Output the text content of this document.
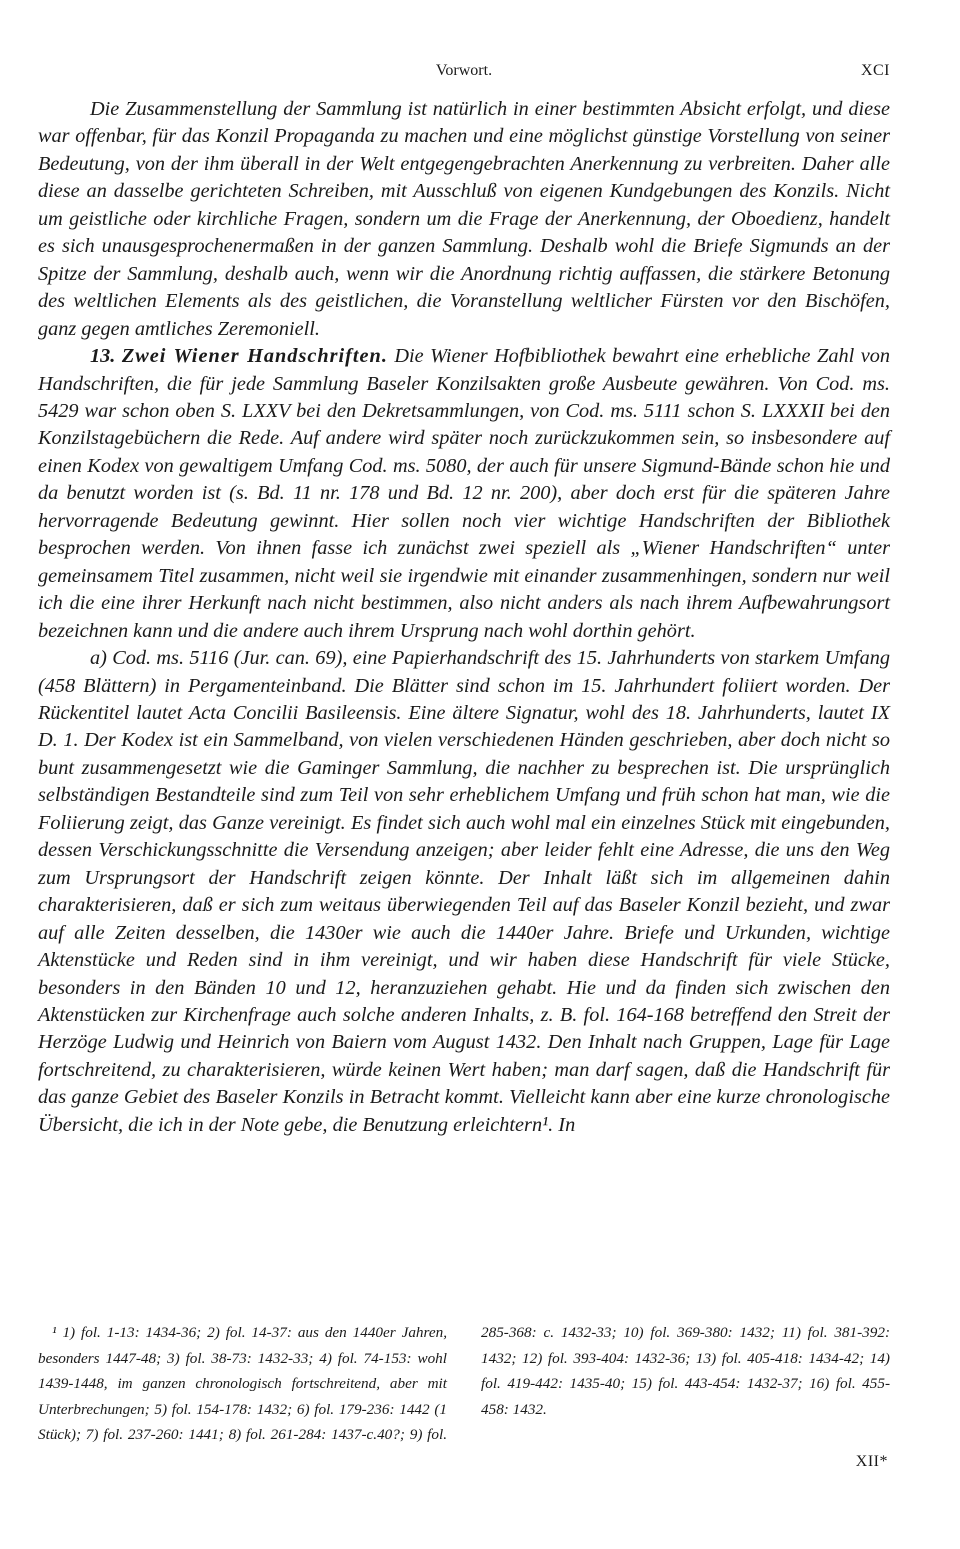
Vorwort.	XCI

Die Zusammenstellung der Sammlung ist natürlich in einer bestimmten Absicht erfolgt, und diese war offenbar, für das Konzil Propaganda zu machen und eine möglichst günstige Vorstellung von seiner Bedeutung, von der ihm überall in der Welt entgegengebrachten Anerkennung zu verbreiten. Daher alle diese an dasselbe gerichteten Schreiben, mit Ausschluß von eigenen Kundgebungen des Konzils. Nicht um geistliche oder kirchliche Fragen, sondern um die Frage der Anerkennung, der Oboedienz, handelt es sich unausgesprochenermaßen in der ganzen Sammlung. Deshalb wohl die Briefe Sigmunds an der Spitze der Sammlung, deshalb auch, wenn wir die Anordnung richtig auffassen, die stärkere Betonung des weltlichen Elements als des geistlichen, die Voranstellung weltlicher Fürsten vor den Bischöfen, ganz gegen amtliches Zeremoniell.

13. Zwei Wiener Handschriften. Die Wiener Hofbibliothek bewahrt eine erhebliche Zahl von Handschriften, die für jede Sammlung Baseler Konzilsakten große Ausbeute gewähren. Von Cod. ms. 5429 war schon oben S. LXXV bei den Dekretsammlungen, von Cod. ms. 5111 schon S. LXXXII bei den Konzilstagebüchern die Rede. Auf andere wird später noch zurückzukommen sein, so insbesondere auf einen Kodex von gewaltigem Umfang Cod. ms. 5080, der auch für unsere Sigmund-Bände schon hie und da benutzt worden ist (s. Bd. 11 nr. 178 und Bd. 12 nr. 200), aber doch erst für die späteren Jahre hervorragende Bedeutung gewinnt. Hier sollen noch vier wichtige Handschriften der Bibliothek besprochen werden. Von ihnen fasse ich zunächst zwei speziell als „Wiener Handschriften“ unter gemeinsamem Titel zusammen, nicht weil sie irgendwie mit einander zusammenhingen, sondern nur weil ich die eine ihrer Herkunft nach nicht bestimmen, also nicht anders als nach ihrem Aufbewahrungsort bezeichnen kann und die andere auch ihrem Ursprung nach wohl dorthin gehört.

a) Cod. ms. 5116 (Jur. can. 69), eine Papierhandschrift des 15. Jahrhunderts von starkem Umfang (458 Blättern) in Pergamenteinband. Die Blätter sind schon im 15. Jahrhundert foliiert worden. Der Rückentitel lautet Acta Concilii Basileensis. Eine ältere Signatur, wohl des 18. Jahrhunderts, lautet IX D. 1. Der Kodex ist ein Sammelband, von vielen verschiedenen Händen geschrieben, aber doch nicht so bunt zusammengesetzt wie die Gaminger Sammlung, die nachher zu besprechen ist. Die ursprünglich selbständigen Bestandteile sind zum Teil von sehr erheblichem Umfang und früh schon hat man, wie die Foliierung zeigt, das Ganze vereinigt. Es findet sich auch wohl mal ein einzelnes Stück mit eingebunden, dessen Verschickungsschnitte die Versendung anzeigen; aber leider fehlt eine Adresse, die uns den Weg zum Ursprungsort der Handschrift zeigen könnte. Der Inhalt läßt sich im allgemeinen dahin charakterisieren, daß er sich zum weitaus überwiegenden Teil auf das Baseler Konzil bezieht, und zwar auf alle Zeiten desselben, die 1430er wie auch die 1440er Jahre. Briefe und Urkunden, wichtige Aktenstücke und Reden sind in ihm vereinigt, und wir haben diese Handschrift für viele Stücke, besonders in den Bänden 10 und 12, heranzuziehen gehabt. Hie und da finden sich zwischen den Aktenstücken zur Kirchenfrage auch solche anderen Inhalts, z. B. fol. 164-168 betreffend den Streit der Herzöge Ludwig und Heinrich von Baiern vom August 1432. Den Inhalt nach Gruppen, Lage für Lage fortschreitend, zu charakterisieren, würde keinen Wert haben; man darf sagen, daß die Handschrift für das ganze Gebiet des Baseler Konzils in Betracht kommt. Vielleicht kann aber eine kurze chronologische Übersicht, die ich in der Note gebe, die Benutzung erleichtern¹. In

¹ 1) fol. 1-13: 1434-36; 2) fol. 14-37: aus den 1440er Jahren, besonders 1447-48; 3) fol. 38-73: 1432-33; 4) fol. 74-153: wohl 1439-1448, im ganzen chronologisch fortschreitend, aber mit Unterbrechungen; 5) fol. 154-178: 1432; 6) fol. 179-236: 1442 (1 Stück); 7) fol. 237-260: 1441; 8) fol. 261-284: 1437-c.40?; 9) fol. 285-368: c. 1432-33; 10) fol. 369-380: 1432; 11) fol. 381-392: 1432; 12) fol. 393-404: 1432-36; 13) fol. 405-418: 1434-42; 14) fol. 419-442: 1435-40; 15) fol. 443-454: 1432-37; 16) fol. 455-458: 1432.

XII*
